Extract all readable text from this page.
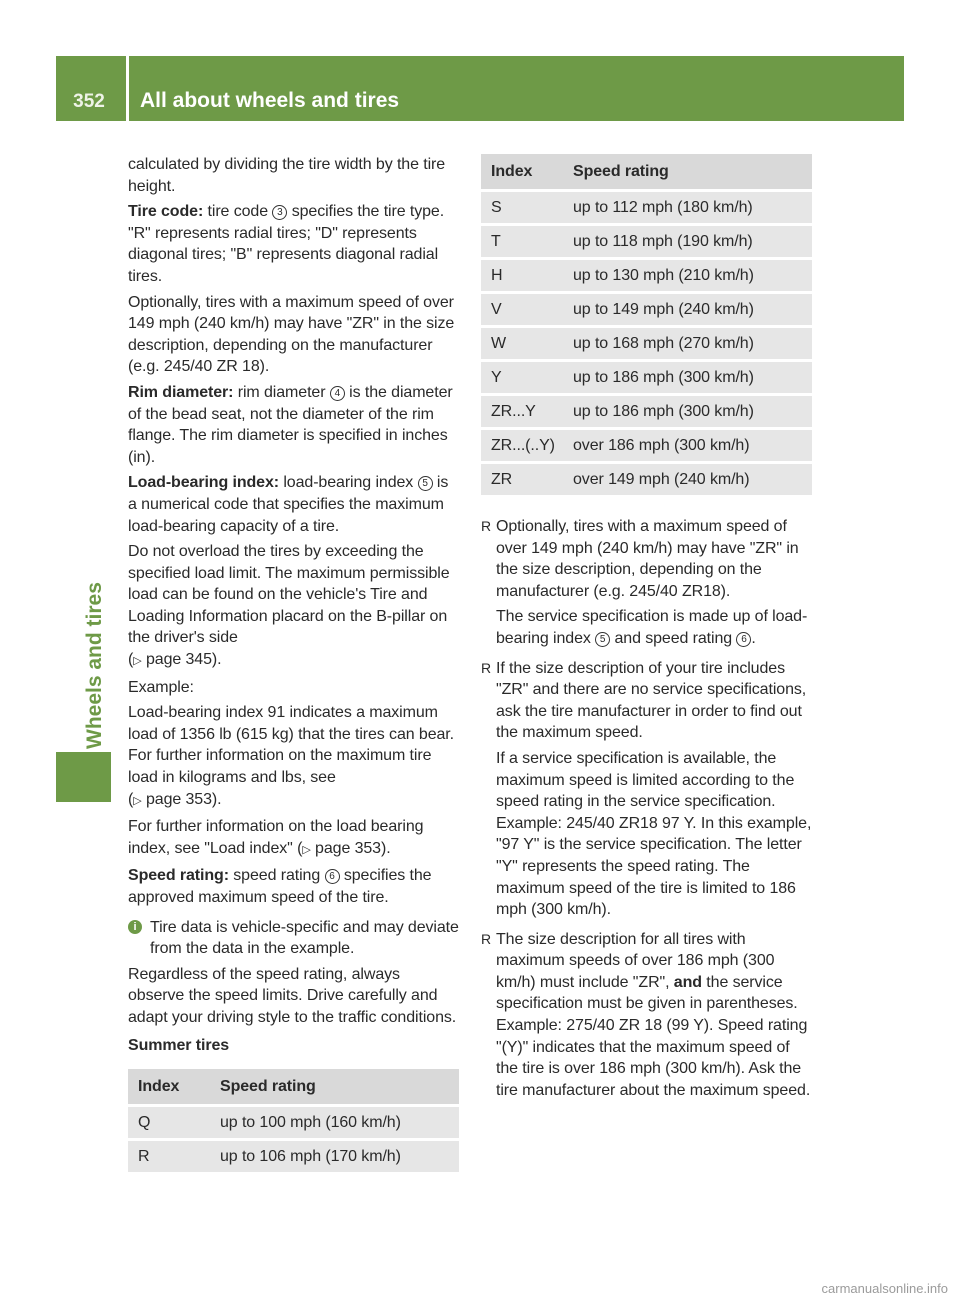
352	All about wheels and tires
Wheels and tires

calculated by dividing the tire width by the tire height.

Tire code: tire code 3 specifies the tire type. "R" represents radial tires; "D" represents diagonal tires; "B" represents diagonal radial tires.

Optionally, tires with a maximum speed of over 149 mph (240 km/h) may have "ZR" in the size description, depending on the manufacturer (e.g. 245/40 ZR 18).

Rim diameter: rim diameter 4 is the diameter of the bead seat, not the diameter of the rim flange. The rim diameter is specified in inches (in).

Load-bearing index: load-bearing index 5 is a numerical code that specifies the maximum load-bearing capacity of a tire.

Do not overload the tires by exceeding the specified load limit. The maximum permissible load can be found on the vehicle's Tire and Loading Information placard on the B-pillar on the driver's side
(▷ page 345).

Example:

Load-bearing index 91 indicates a maximum load of 1356 lb (615 kg) that the tires can bear. For further information on the maximum tire load in kilograms and lbs, see
(▷ page 353).

For further information on the load bearing index, see "Load index" (▷ page 353).

Speed rating: speed rating 6 specifies the approved maximum speed of the tire.

i Tire data is vehicle-specific and may deviate from the data in the example.

Regardless of the speed rating, always observe the speed limits. Drive carefully and adapt your driving style to the traffic conditions.

Summer tires

Index	Speed rating
Q	up to 100 mph (160 km/h)
R	up to 106 mph (170 km/h)
Index	Speed rating
S	up to 112 mph (180 km/h)
T	up to 118 mph (190 km/h)
H	up to 130 mph (210 km/h)
V	up to 149 mph (240 km/h)
W	up to 168 mph (270 km/h)
Y	up to 186 mph (300 km/h)
ZR...Y	up to 186 mph (300 km/h)
ZR...(..Y)	over 186 mph (300 km/h)
ZR	over 149 mph (240 km/h)

R Optionally, tires with a maximum speed of over 149 mph (240 km/h) may have "ZR" in the size description, depending on the manufacturer (e.g. 245/40 ZR18).

The service specification is made up of load-bearing index 5 and speed rating 6 .

R If the size description of your tire includes "ZR" and there are no service specifications, ask the tire manufacturer in order to find out the maximum speed.

If a service specification is available, the maximum speed is limited according to the speed rating in the service specification. Example: 245/40 ZR18 97 Y. In this example, "97 Y" is the service specification. The letter "Y" represents the speed rating. The maximum speed of the tire is limited to 186 mph (300 km/h).

R The size description for all tires with maximum speeds of over 186 mph (300 km/h) must include "ZR", and the service specification must be given in parentheses. Example: 275/40 ZR 18 (99 Y). Speed rating "(Y)" indicates that the maximum speed of the tire is over 186 mph (300 km/h). Ask the tire manufacturer about the maximum speed.

carmanualsonline.info
